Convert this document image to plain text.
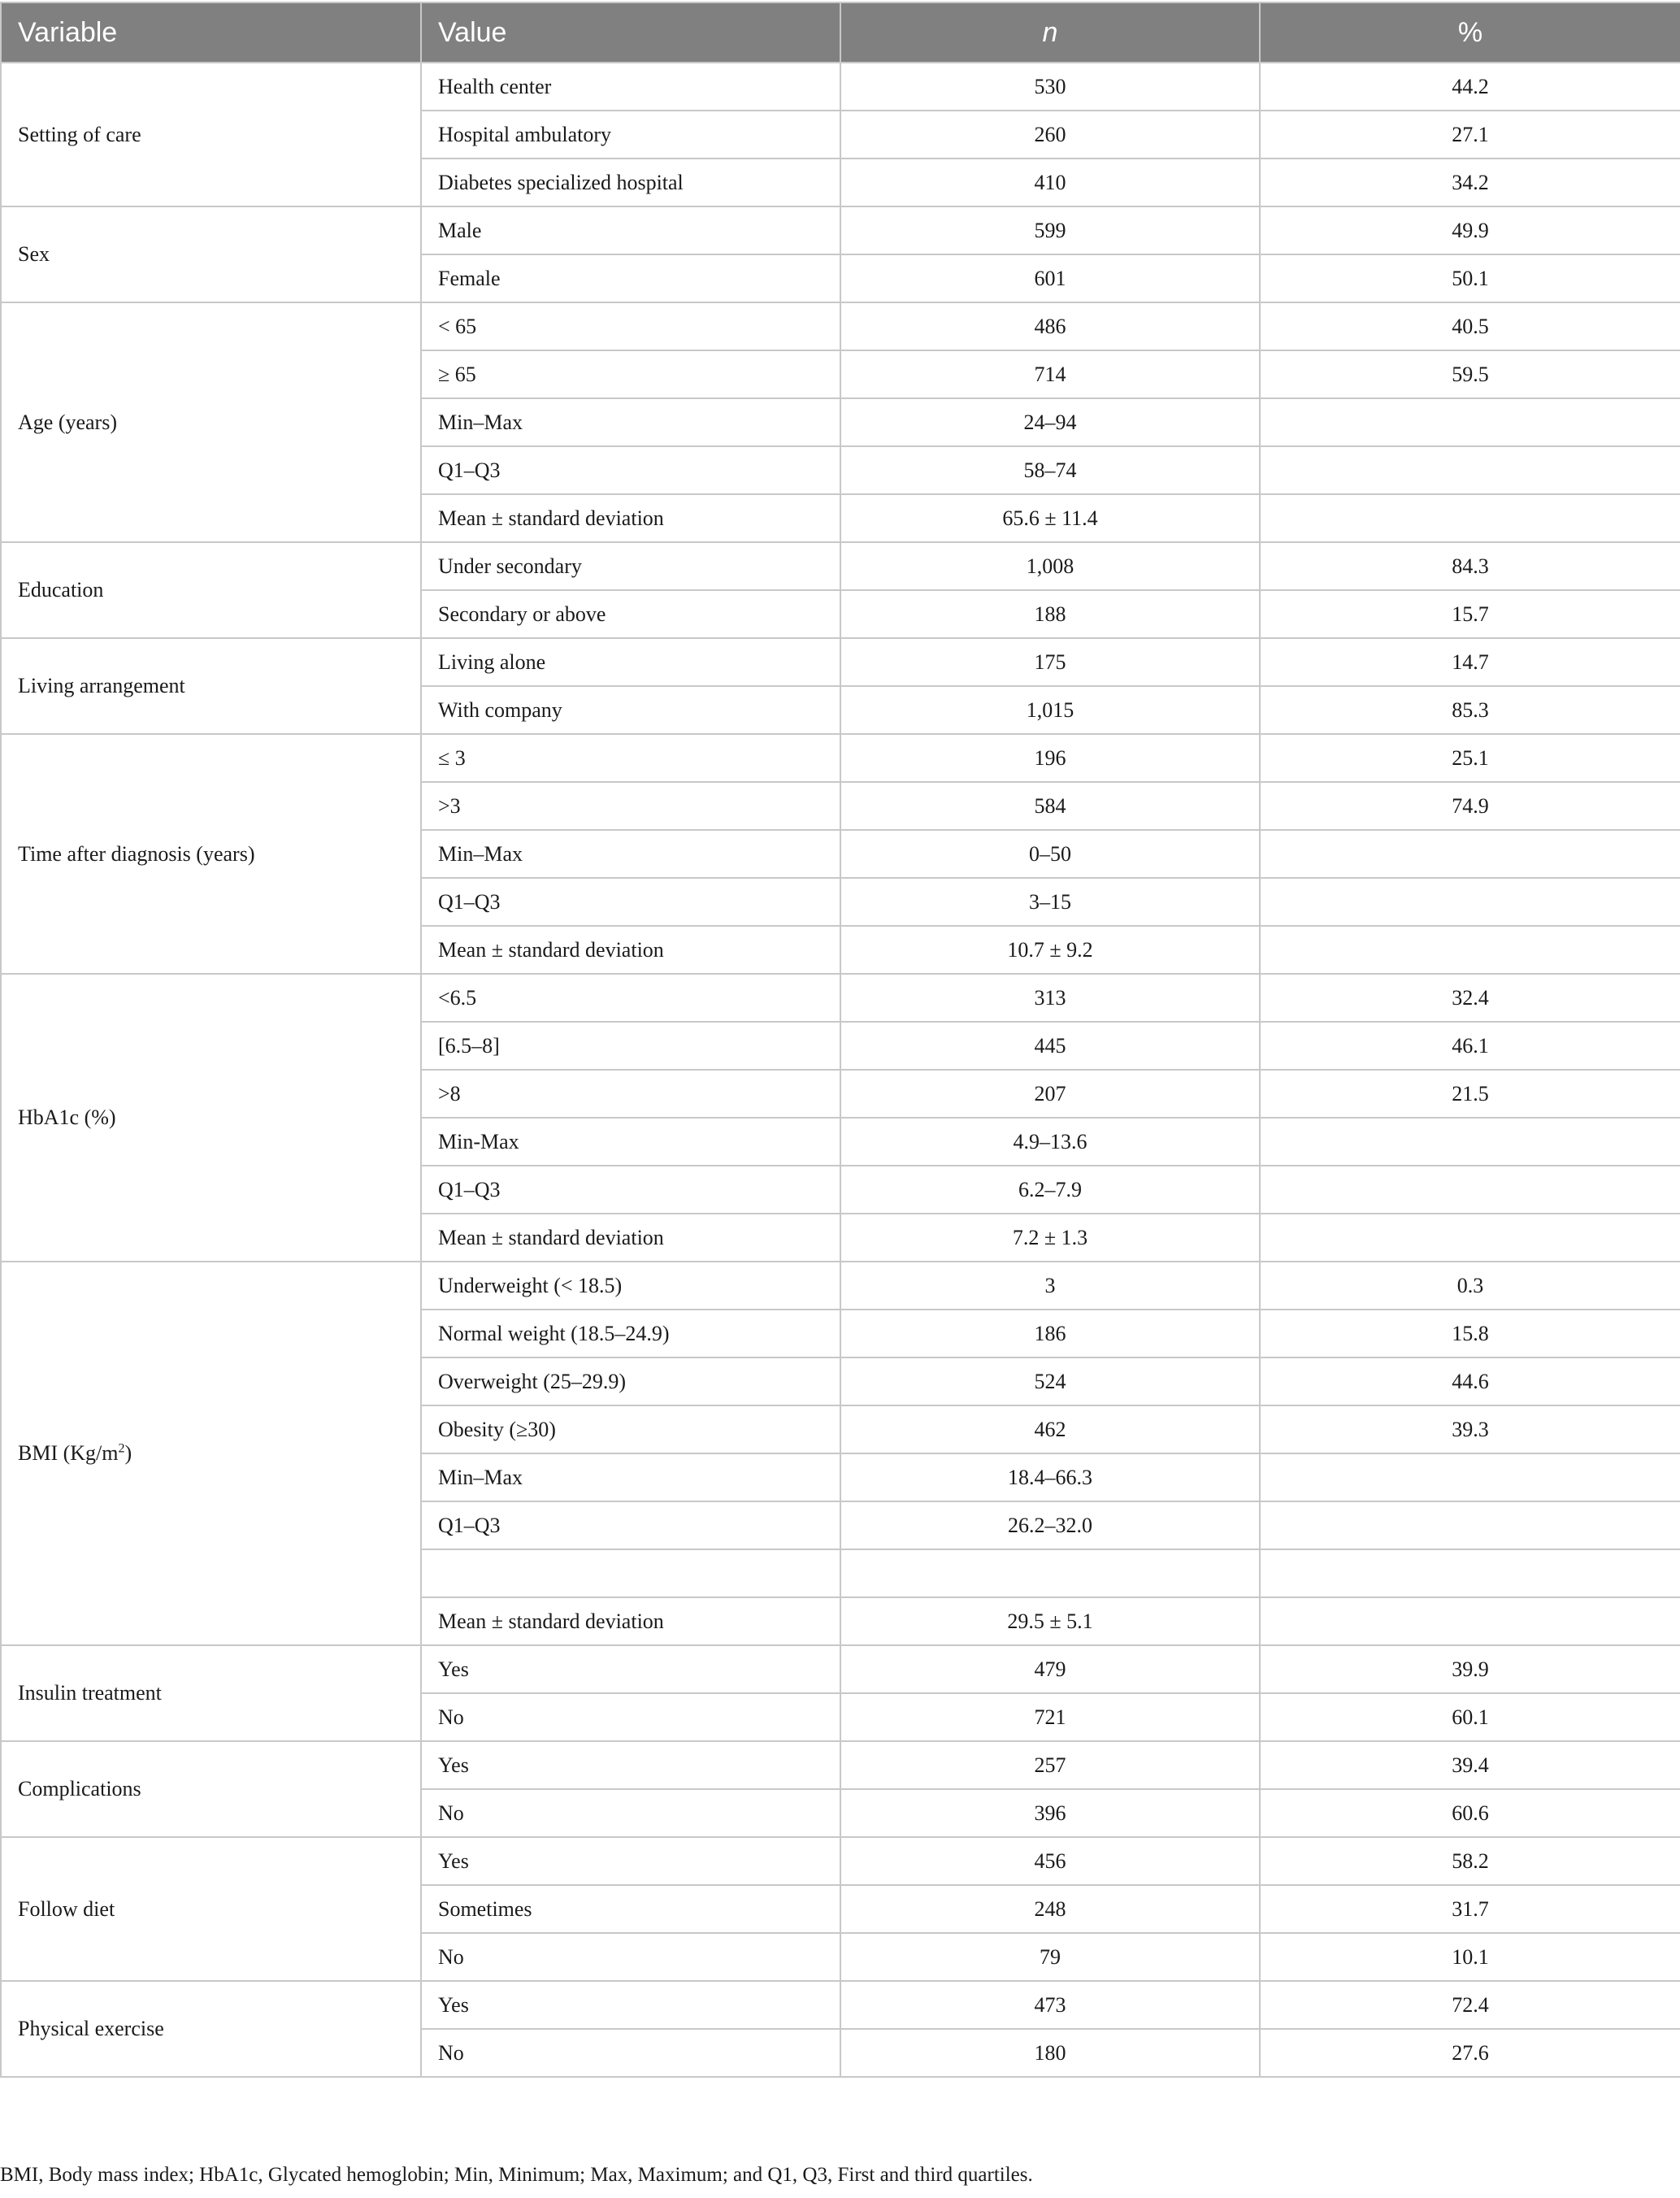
Variable	Value	n	%
Setting of care	Health center	530	44.2
	Hospital ambulatory	260	27.1
	Diabetes specialized hospital	410	34.2
Sex	Male	599	49.9
	Female	601	50.1
Age (years)	< 65	486	40.5
	≥ 65	714	59.5
	Min–Max	24–94	
	Q1–Q3	58–74	
	Mean ± standard deviation	65.6 ± 11.4	
Education	Under secondary	1,008	84.3
	Secondary or above	188	15.7
Living arrangement	Living alone	175	14.7
	With company	1,015	85.3
Time after diagnosis (years)	≤ 3	196	25.1
	>3	584	74.9
	Min–Max	0–50	
	Q1–Q3	3–15	
	Mean ± standard deviation	10.7 ± 9.2	
HbA1c (%)	<6.5	313	32.4
	[6.5–8]	445	46.1
	>8	207	21.5
	Min-Max	4.9–13.6	
	Q1–Q3	6.2–7.9	
	Mean ± standard deviation	7.2 ± 1.3	
BMI $(Kg/m^2)$	Underweight (< 18.5)	3	0.3
	Normal weight (18.5–24.9)	186	15.8
	Overweight (25–29.9)	524	44.6
	Obesity (≥30)	462	39.3
	Min–Max	18.4–66.3	
	Q1–Q3	26.2–32.0	

	Mean ± standard deviation	29.5 ± 5.1	
Insulin treatment	Yes	479	39.9
	No	721	60.1
Complications	Yes	257	39.4
	No	396	60.6
Follow diet	Yes	456	58.2
	Sometimes	248	31.7
	No	79	10.1
Physical exercise	Yes	473	72.4
	No	180	27.6
BMI, Body mass index; HbA1c, Glycated hemoglobin; Min, Minimum; Max, Maximum; and Q1, Q3, First and third quartiles.
